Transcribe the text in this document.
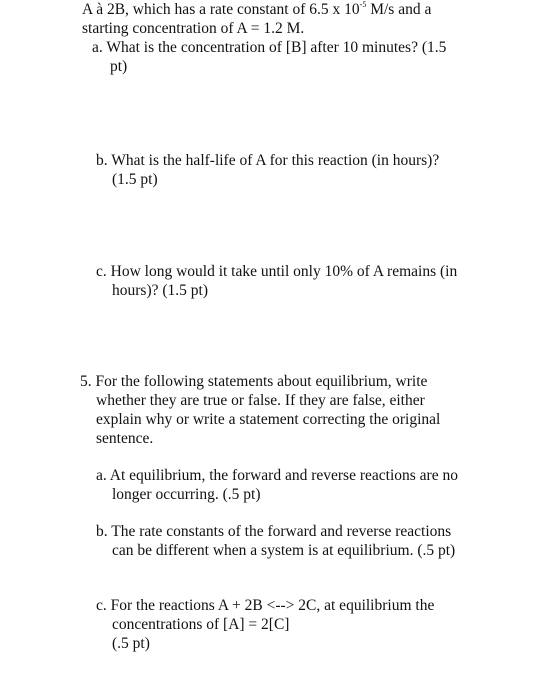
A à 2B, which has a rate constant of 6.5 x $10^{-5}$ M/s and a

starting concentration of A = 1.2 M.

a. What is the concentration of [B] after 10 minutes? (1.5

pt)

b. What is the half-life of A for this reaction (in hours)?

(1.5 pt)

c. How long would it take until only 10% of A remains (in

hours)? (1.5 pt)

5. For the following statements about equilibrium, write

whether they are true or false. If they are false, either

explain why or write a statement correcting the original

sentence.

a. At equilibrium, the forward and reverse reactions are no

longer occurring. (.5 pt)

b. The rate constants of the forward and reverse reactions

can be different when a system is at equilibrium. (.5 pt)

c. For the reactions A + 2B <--> 2C, at equilibrium the

concentrations of [A] = 2[C]

(.5 pt)
